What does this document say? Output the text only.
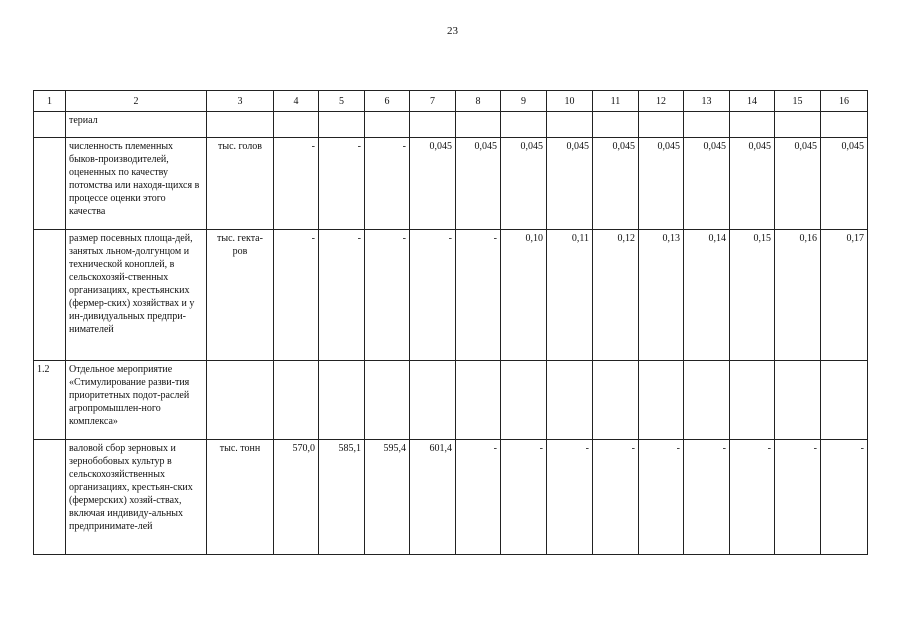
23
1	2	3	4	5	6	7	8	9	10	11	12	13	14	15	16
	териал														
	численность племенных быков-производителей, оцененных по качеству потомства или находя-щихся в процессе оценки этого качества	тыс. голов	-	-	-	0,045	0,045	0,045	0,045	0,045	0,045	0,045	0,045	0,045	0,045
	размер посевных площа-дей, занятых льном-долгунцом и технической коноплей, в сельскохозяй-ственных организациях, крестьянских (фермер-ских) хозяйствах и у ин-дивидуальных предпри-нимателей	тыс. гекта-ров	-	-	-	-	-	0,10	0,11	0,12	0,13	0,14	0,15	0,16	0,17
1.2	Отдельное мероприятие «Стимулирование разви-тия приоритетных подот-раслей агропромышлен-ного комплекса»														
	валовой сбор зерновых и зернобобовых культур в сельскохозяйственных организациях, крестьян-ских (фермерских) хозяй-ствах, включая индивиду-альных предпринимате-лей	тыс. тонн	570,0	585,1	595,4	601,4	-	-	-	-	-	-	-	-	-
